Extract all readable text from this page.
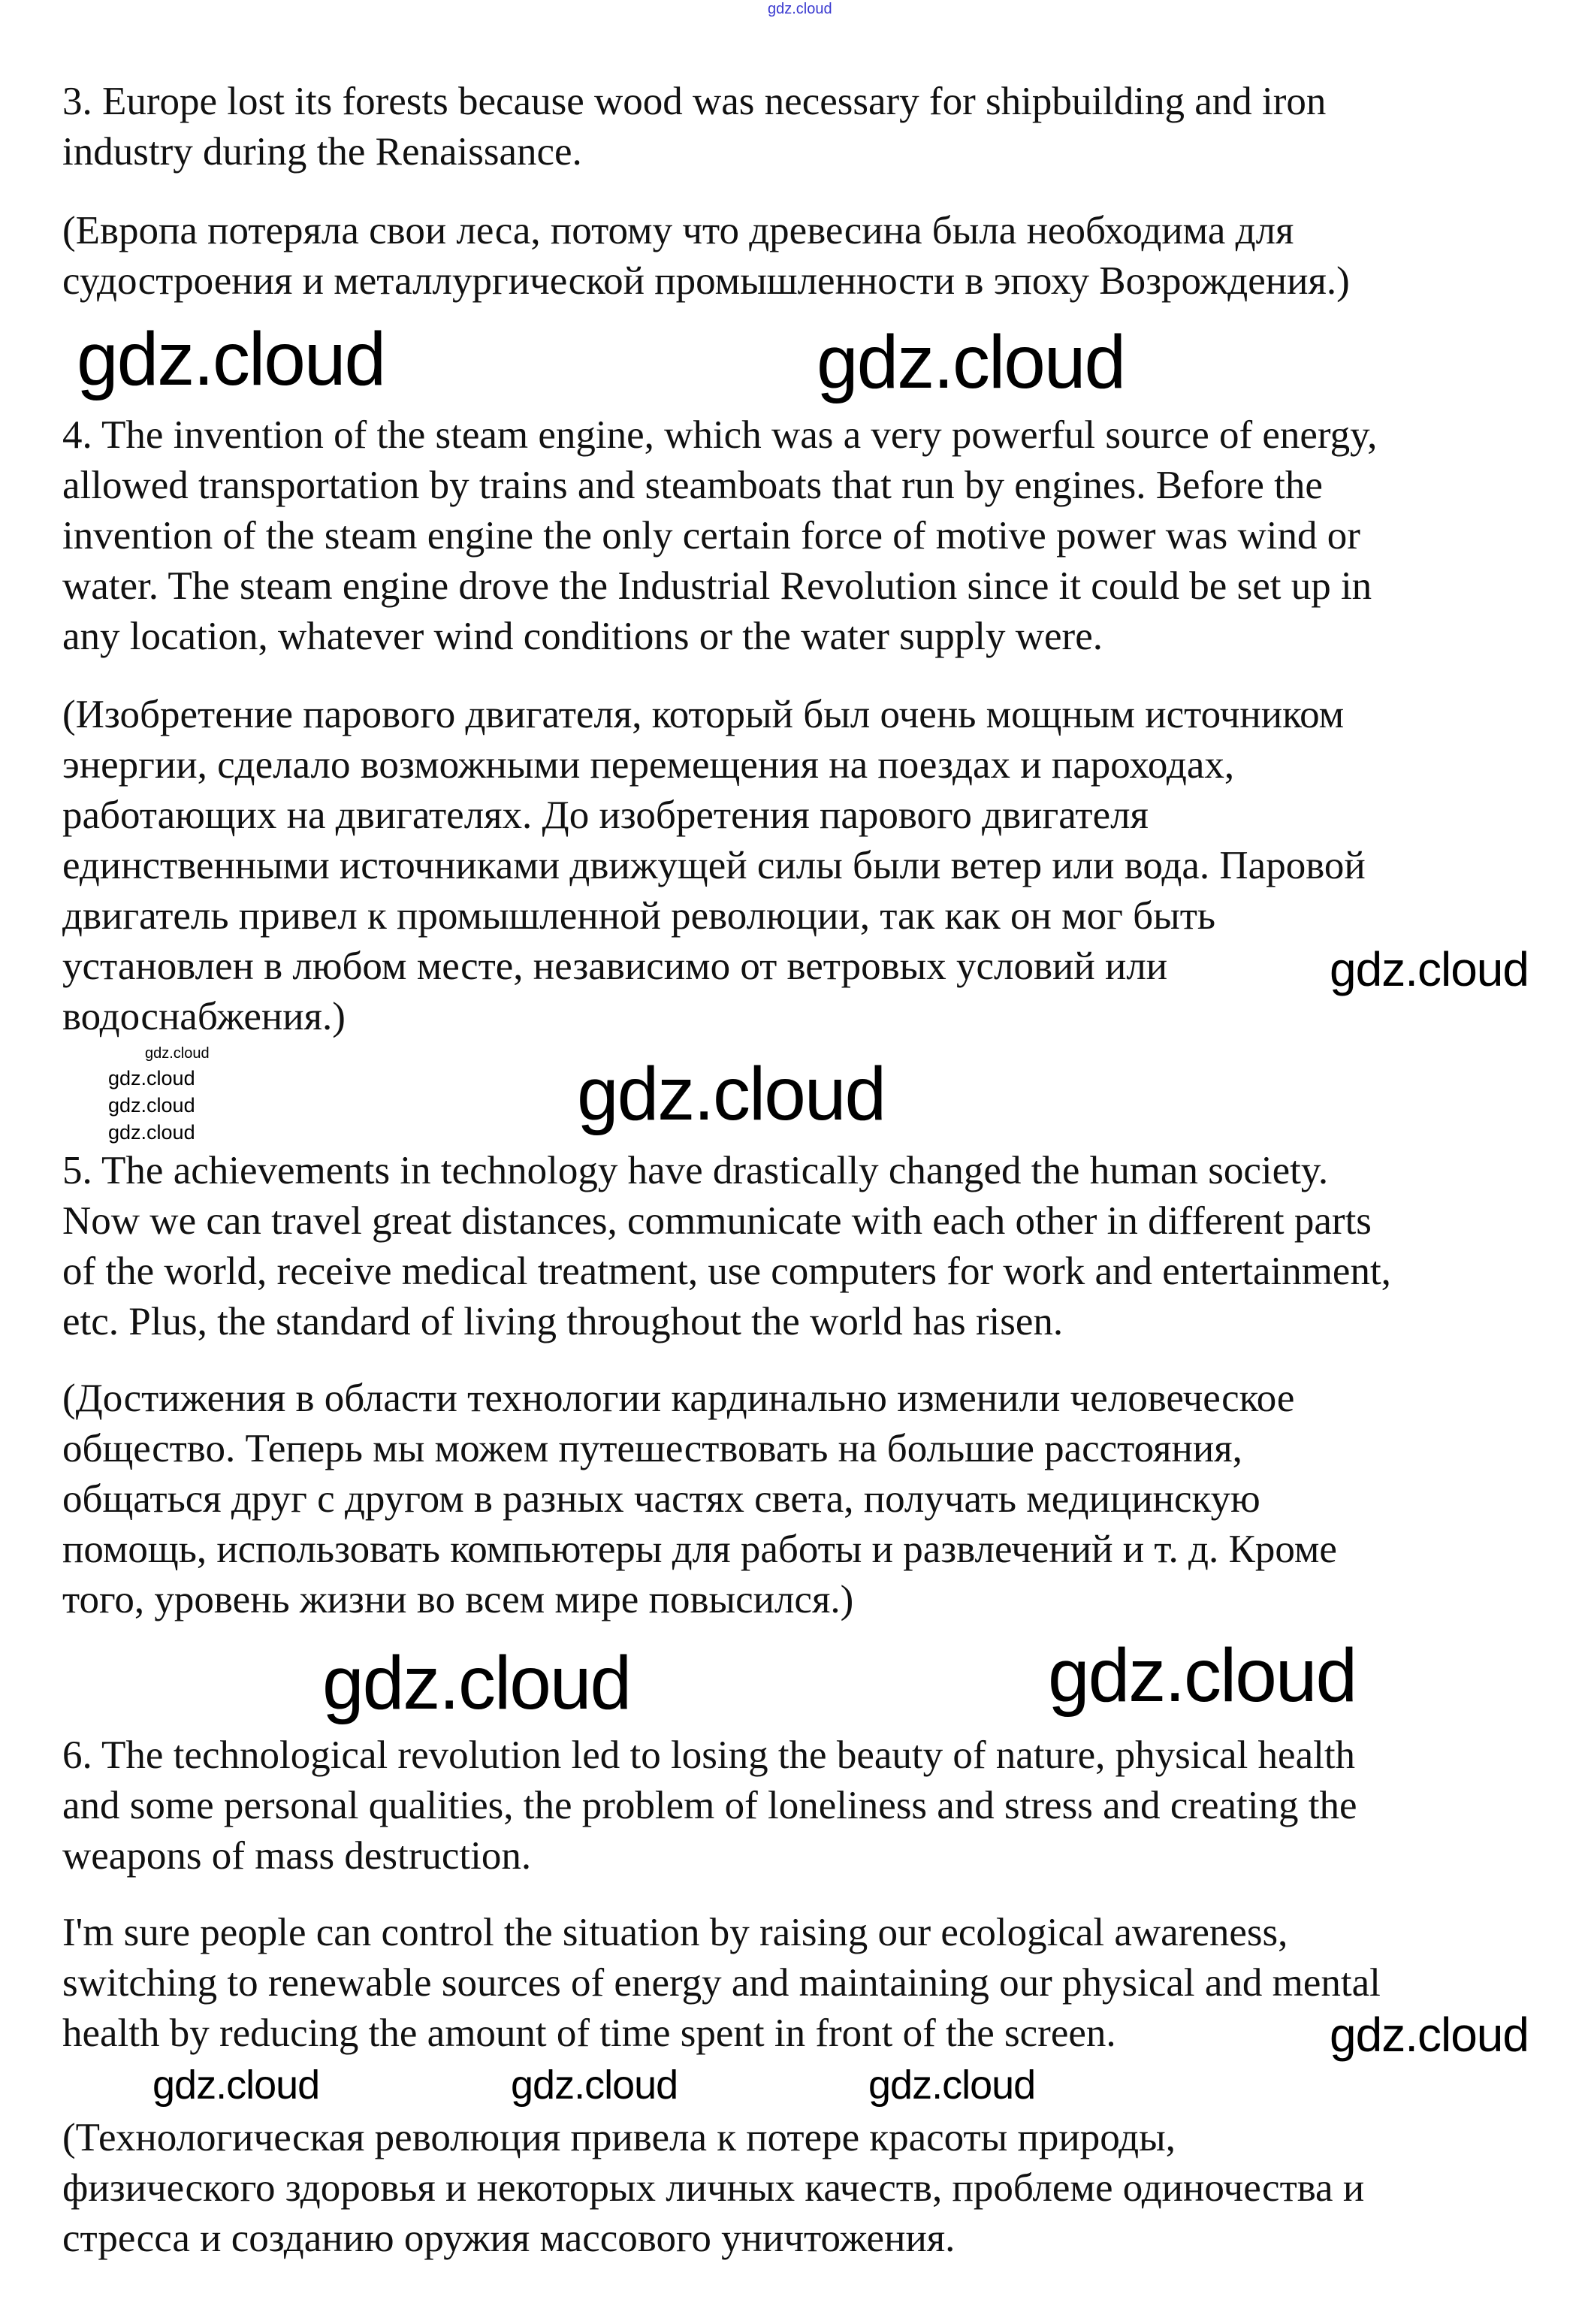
gdz.cloud
3. Europe lost its forests because wood was necessary for shipbuilding and iron
industry during the Renaissance.
(Европа потеряла свои леса, потому что древесина была необходима для
судостроения и металлургической промышленности в эпоху Возрождения.)
4. The invention of the steam engine, which was a very powerful source of energy,
allowed transportation by trains and steamboats that run by engines. Before the
invention of the steam engine the only certain force of motive power was wind or
water. The steam engine drove the Industrial Revolution since it could be set up in
any location, whatever wind conditions or the water supply were.
(Изобретение парового двигателя, который был очень мощным источником
энергии, сделало возможными перемещения на поездах и пароходах,
работающих на двигателях. До изобретения парового двигателя
единственными источниками движущей силы были ветер или вода. Паровой
двигатель привел к промышленной революции, так как он мог быть
установлен в любом месте, независимо от ветровых условий или
водоснабжения.)
5. The achievements in technology have drastically changed the human society.
Now we can travel great distances, communicate with each other in different parts
of the world, receive medical treatment, use computers for work and entertainment,
etc. Plus, the standard of living throughout the world has risen.
(Достижения в области технологии кардинально изменили человеческое
общество. Теперь мы можем путешествовать на большие расстояния,
общаться друг с другом в разных частях света, получать медицинскую
помощь, использовать компьютеры для работы и развлечений и т. д. Кроме
того, уровень жизни во всем мире повысился.)
6. The technological revolution led to losing the beauty of nature, physical health
and some personal qualities, the problem of loneliness and stress and creating the
weapons of mass destruction.
I'm sure people can control the situation by raising our ecological awareness,
switching to renewable sources of energy and maintaining our physical and mental
health by reducing the amount of time spent in front of the screen.
(Технологическая революция привела к потере красоты природы,
физического здоровья и некоторых личных качеств, проблеме одиночества и
стресса и созданию оружия массового уничтожения.
gdz.cloud	gdz.cloud
gdz.cloud
gdz.cloud
gdz.cloud
gdz.cloud
gdz.cloud
gdz.cloud	gdz.cloud	gdz.cloud
gdz.cloud
gdz.cloud
gdz.cloud
gdz.cloud
